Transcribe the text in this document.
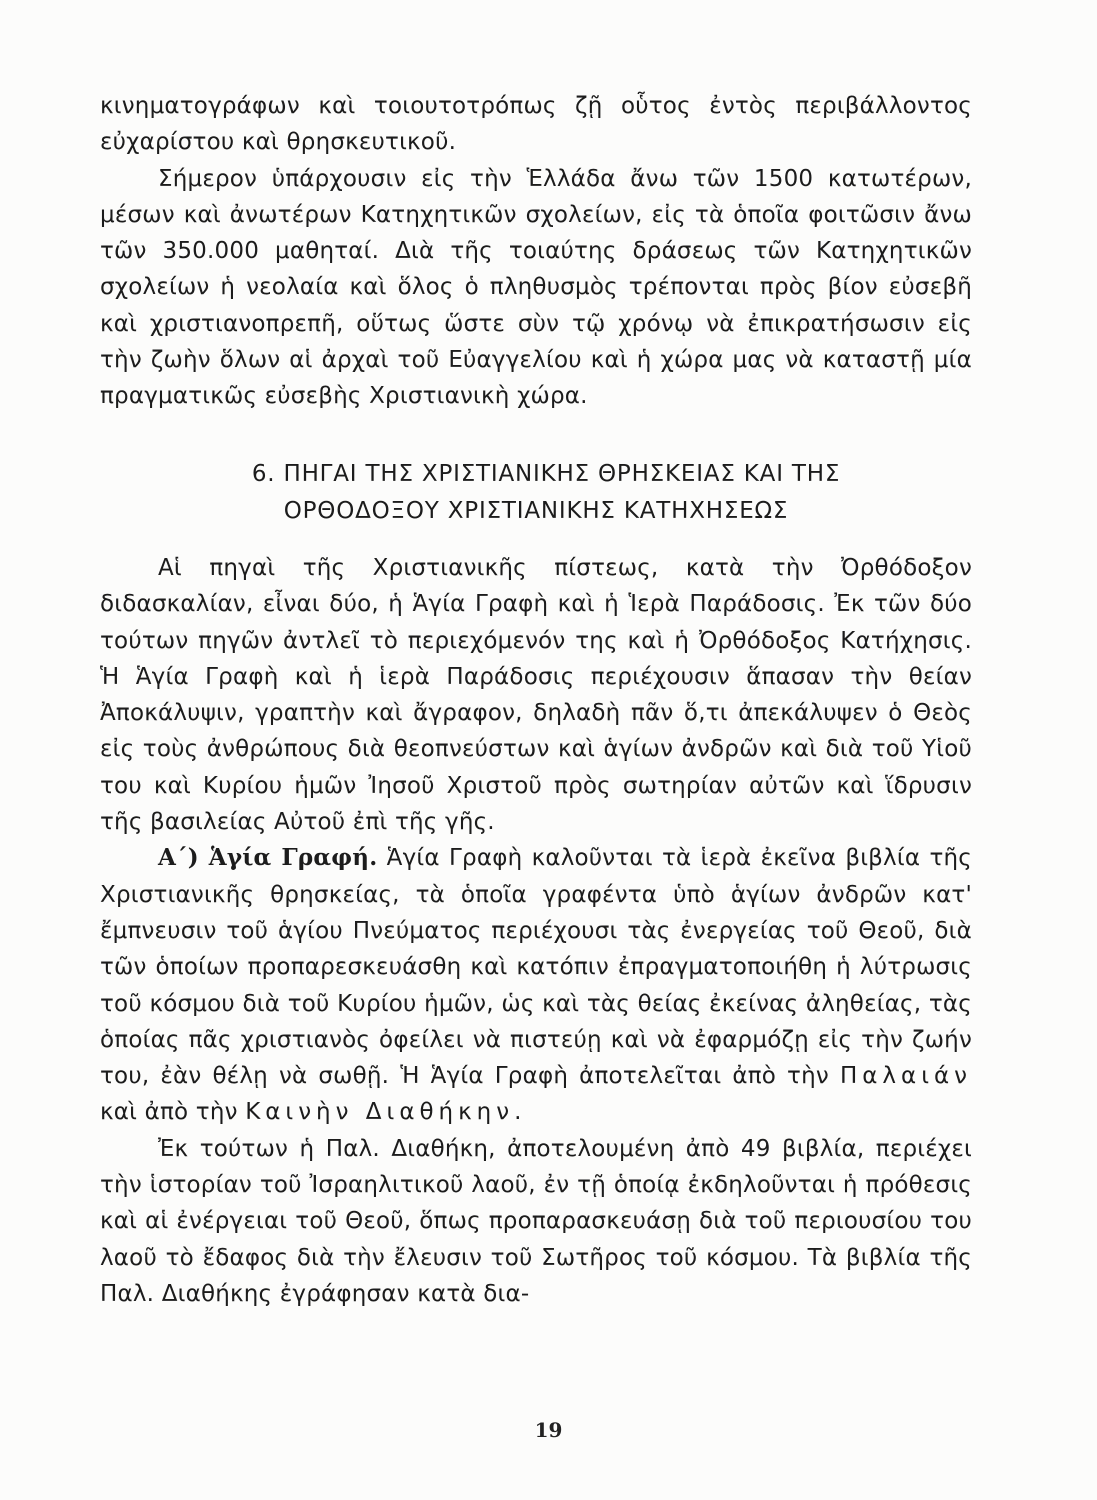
κινηματογράφων καὶ τοιουτοτρόπως ζῇ οὗτος ἐντὸς περιβάλλοντος εὐχαρίστου καὶ θρησκευτικοῦ.

Σήμερον ὑπάρχουσιν εἰς τὴν Ἑλλάδα ἄνω τῶν 1500 κατωτέρων, μέσων καὶ ἀνωτέρων Κατηχητικῶν σχολείων, εἰς τὰ ὁποῖα φοιτῶσιν ἄνω τῶν 350.000 μαθηταί. Διὰ τῆς τοιαύτης δράσεως τῶν Κατηχητικῶν σχολείων ἡ νεολαία καὶ ὅλος ὁ πληθυσμὸς τρέπονται πρὸς βίον εὐσεβῆ καὶ χριστιανοπρεπῆ, οὕτως ὥστε σὺν τῷ χρόνῳ νὰ ἐπικρατήσωσιν εἰς τὴν ζωὴν ὅλων αἱ ἀρχαὶ τοῦ Εὐαγγελίου καὶ ἡ χώρα μας νὰ καταστῇ μία πραγματικῶς εὐσεβὴς Χριστιανικὴ χώρα.

6. ΠΗΓΑΙ ΤΗΣ ΧΡΙΣΤΙΑΝΙΚΗΣ ΘΡΗΣΚΕΙΑΣ ΚΑΙ ΤΗΣ
ΟΡΘΟΔΟΞΟΥ ΧΡΙΣΤΙΑΝΙΚΗΣ ΚΑΤΗΧΗΣΕΩΣ

Αἱ πηγαὶ τῆς Χριστιανικῆς πίστεως, κατὰ τὴν Ὀρθόδοξον διδασκαλίαν, εἶναι δύο, ἡ Ἁγία Γραφὴ καὶ ἡ Ἱερὰ Παράδοσις. Ἐκ τῶν δύο τούτων πηγῶν ἀντλεῖ τὸ περιεχόμενόν της καὶ ἡ Ὀρθόδοξος Κατήχησις. Ἡ Ἁγία Γραφὴ καὶ ἡ ἱερὰ Παράδοσις περιέχουσιν ἅπασαν τὴν θείαν Ἀποκάλυψιν, γραπτὴν καὶ ἄγραφον, δηλαδὴ πᾶν ὅ,τι ἀπεκάλυψεν ὁ Θεὸς εἰς τοὺς ἀνθρώπους διὰ θεοπνεύστων καὶ ἁγίων ἀνδρῶν καὶ διὰ τοῦ Υἱοῦ του καὶ Κυρίου ἡμῶν Ἰησοῦ Χριστοῦ πρὸς σωτηρίαν αὐτῶν καὶ ἵδρυσιν τῆς βασιλείας Αὐτοῦ ἐπὶ τῆς γῆς.

Α΄) Ἁγία Γραφή. Ἁγία Γραφὴ καλοῦνται τὰ ἱερὰ ἐκεῖνα βιβλία τῆς Χριστιανικῆς θρησκείας, τὰ ὁποῖα γραφέντα ὑπὸ ἁγίων ἀνδρῶν κατ' ἔμπνευσιν τοῦ ἁγίου Πνεύματος περιέχουσι τὰς ἐνεργείας τοῦ Θεοῦ, διὰ τῶν ὁποίων προπαρεσκευάσθη καὶ κατόπιν ἐπραγματοποιήθη ἡ λύτρωσις τοῦ κόσμου διὰ τοῦ Κυρίου ἡμῶν, ὡς καὶ τὰς θείας ἐκείνας ἀληθείας, τὰς ὁποίας πᾶς χριστιανὸς ὀφείλει νὰ πιστεύῃ καὶ νὰ ἐφαρμόζῃ εἰς τὴν ζωήν του, ἐὰν θέλῃ νὰ σωθῇ. Ἡ Ἁγία Γραφὴ ἀποτελεῖται ἀπὸ τὴν Παλαιάν καὶ ἀπὸ τὴν Καινὴν Διαθήκην.

Ἐκ τούτων ἡ Παλ. Διαθήκη, ἀποτελουμένη ἀπὸ 49 βιβλία, περιέχει τὴν ἱστορίαν τοῦ Ἰσραηλιτικοῦ λαοῦ, ἐν τῇ ὁποίᾳ ἐκδηλοῦνται ἡ πρόθεσις καὶ αἱ ἐνέργειαι τοῦ Θεοῦ, ὅπως προπαρασκευάσῃ διὰ τοῦ περιουσίου του λαοῦ τὸ ἔδαφος διὰ τὴν ἔλευσιν τοῦ Σωτῆρος τοῦ κόσμου. Τὰ βιβλία τῆς Παλ. Διαθήκης ἐγράφησαν κατὰ δια-

19
